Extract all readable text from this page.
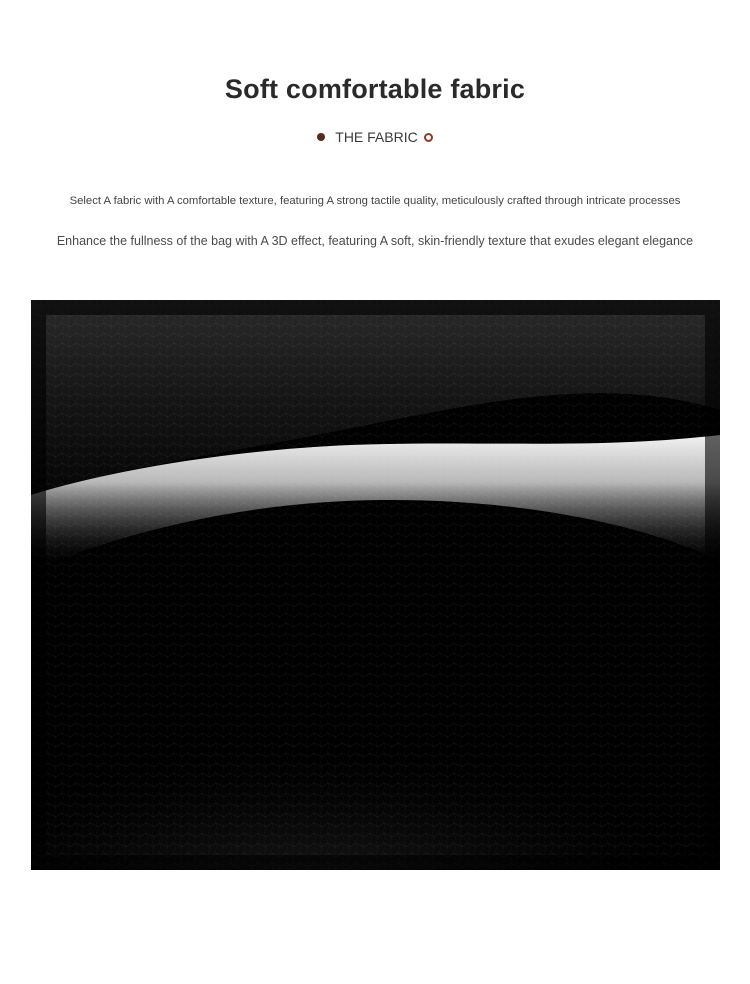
Soft comfortable fabric
THE FABRIC

Select A fabric with A comfortable texture, featuring A strong tactile quality, meticulously crafted through intricate processes

Enhance the fullness of the bag with A 3D effect, featuring A soft, skin-friendly texture that exudes elegant elegance
